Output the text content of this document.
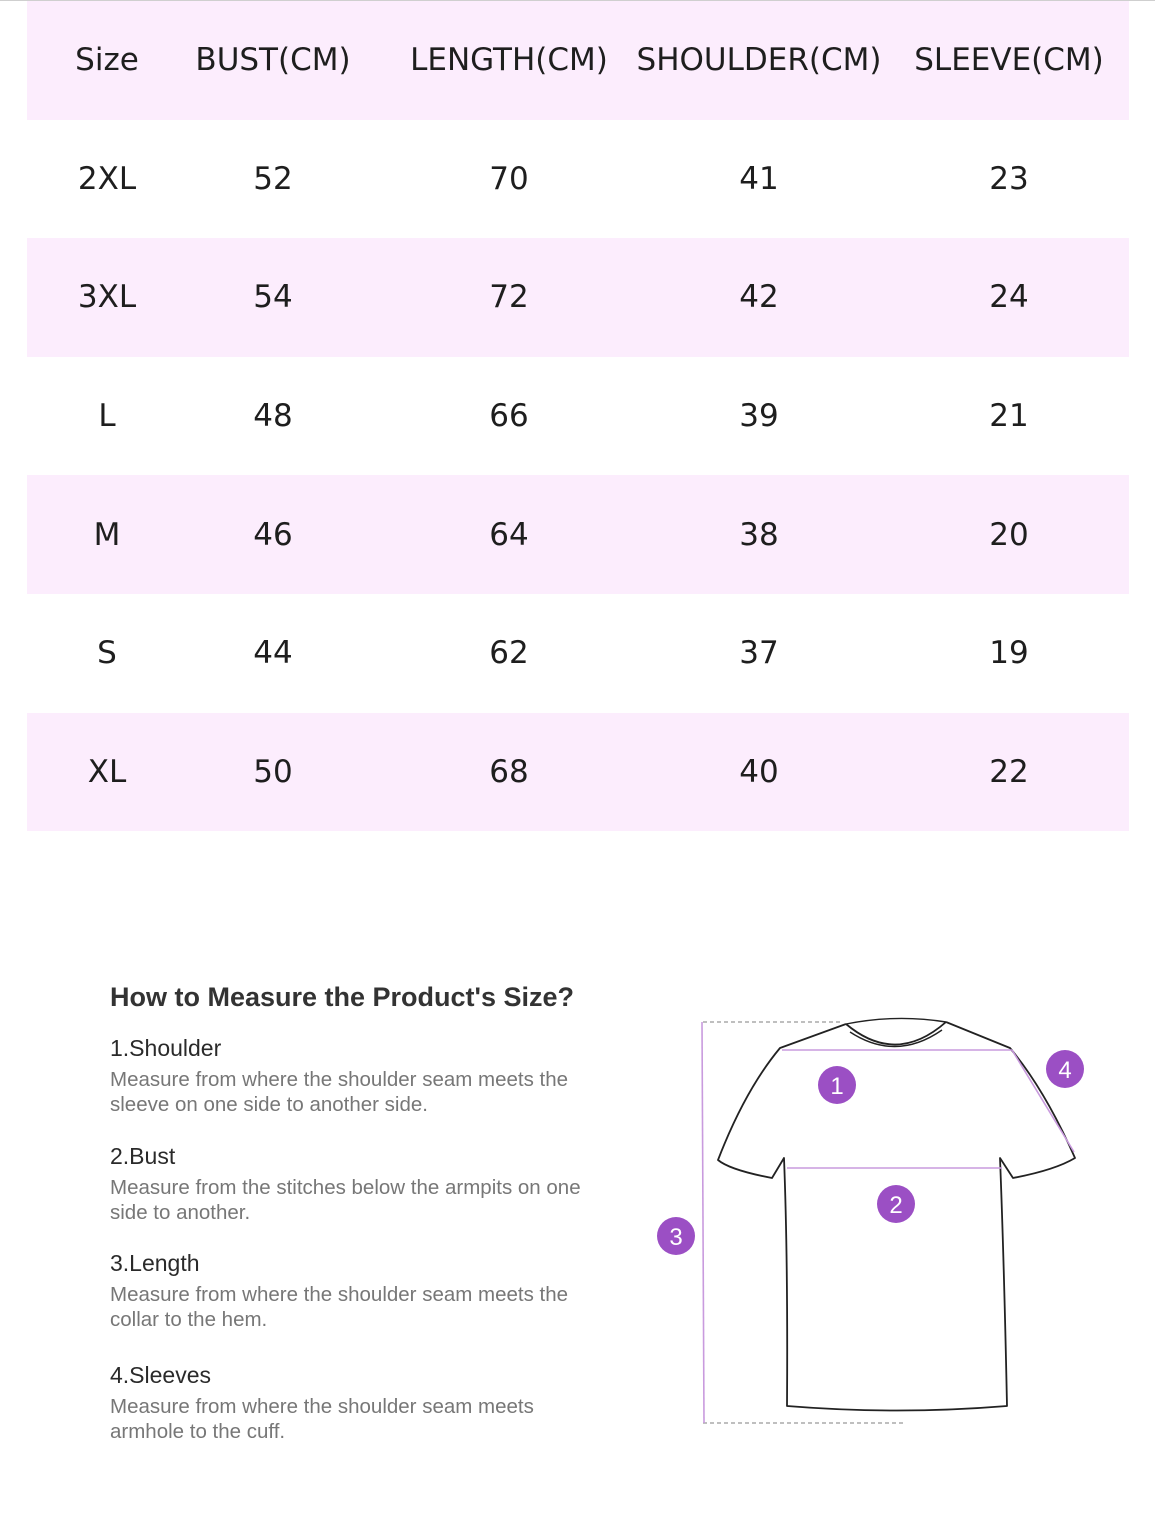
Size	BUST(CM)	LENGTH(CM) SHOULDER(CM)	SLEEVE(CM)
2XL	52	70	41	23
3XL	54	72	42	24
L	48	66	39	21
M	46	64	38	20
S	44	62	37	19
XL	50	68	40	22
How to Measure the Product's Size?
1.Shoulder
Measure from where the shoulder seam meets the sleeve on one side to another side.
2.Bust
Measure from the stitches below the armpits on one side to another.
3.Length
Measure from where the shoulder seam meets the collar to the hem.
4.Sleeves
Measure from where the shoulder seam meets armhole to the cuff.
1
2
3
4
